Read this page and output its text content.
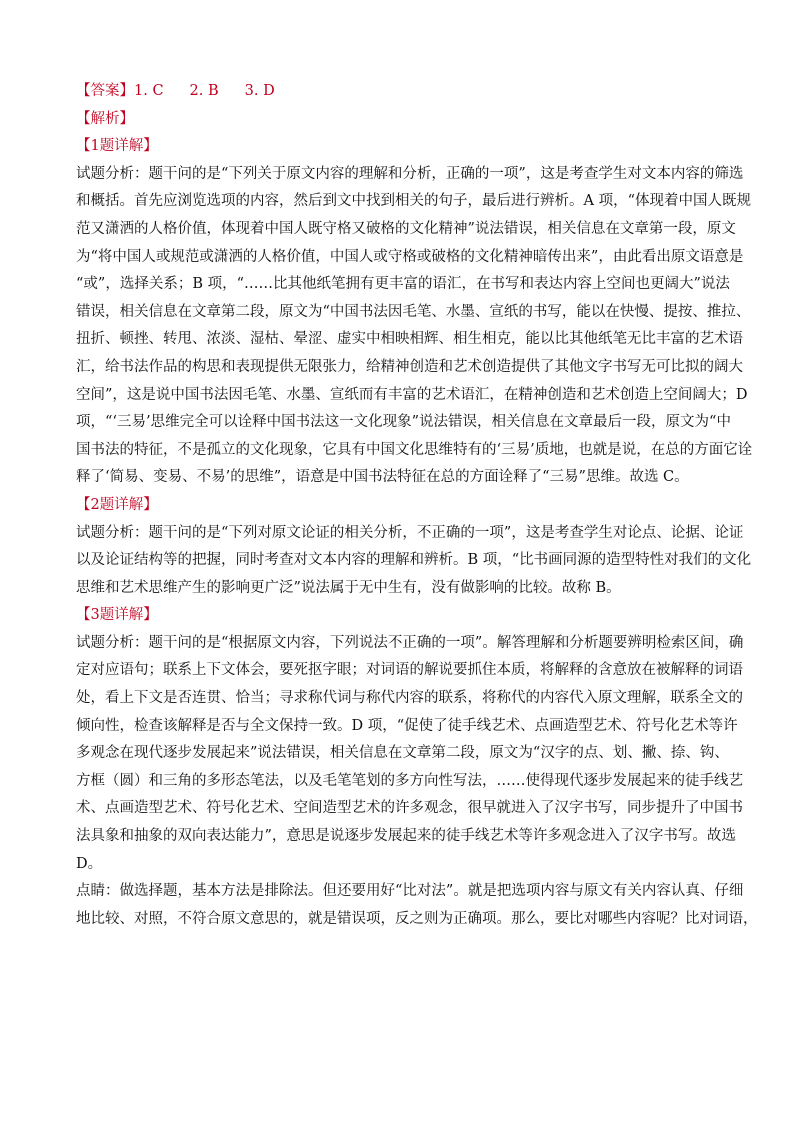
【答案】1. C 2. B 3. D
【解析】
【1题详解】
试题分析：题干问的是“下列关于原文内容的理解和分析，正确的一项”，这是考查学生对文本内容的筛选
和概括。首先应浏览选项的内容，然后到文中找到相关的句子，最后进行辨析。A 项，“体现着中国人既规
范又潇洒的人格价值，体现着中国人既守格又破格的文化精神”说法错误，相关信息在文章第一段，原文
为“将中国人或规范或潇洒的人格价值，中国人或守格或破格的文化精神暗传出来”，由此看出原文语意是
“或”，选择关系；B 项，“……比其他纸笔拥有更丰富的语汇，在书写和表达内容上空间也更阔大”说法
错误，相关信息在文章第二段，原文为“中国书法因毛笔、水墨、宣纸的书写，能以在快慢、提按、推拉、
扭折、顿挫、转甩、浓淡、湿枯、晕涩、虚实中相映相辉、相生相克，能以比其他纸笔无比丰富的艺术语
汇，给书法作品的构思和表现提供无限张力，给精神创造和艺术创造提供了其他文字书写无可比拟的阔大
空间”，这是说中国书法因毛笔、水墨、宣纸而有丰富的艺术语汇，在精神创造和艺术创造上空间阔大；D
项，“‘三易’思维完全可以诠释中国书法这一文化现象”说法错误，相关信息在文章最后一段，原文为“中
国书法的特征，不是孤立的文化现象，它具有中国文化思维特有的‘三易’质地，也就是说，在总的方面它诠
释了‘简易、变易、不易’的思维”，语意是中国书法特征在总的方面诠释了“三易”思维。故选 C。
【2题详解】
试题分析：题干问的是“下列对原文论证的相关分析，不正确的一项”，这是考查学生对论点、论据、论证
以及论证结构等的把握，同时考查对文本内容的理解和辨析。B 项，“比书画同源的造型特性对我们的文化
思维和艺术思维产生的影响更广泛”说法属于无中生有，没有做影响的比较。故称 B。
【3题详解】
试题分析：题干问的是“根据原文内容，下列说法不正确的一项”。解答理解和分析题要辨明检索区间，确
定对应语句；联系上下文体会，要死抠字眼；对词语的解说要抓住本质，将解释的含意放在被解释的词语
处，看上下文是否连贯、恰当；寻求称代词与称代内容的联系，将称代的内容代入原文理解，联系全文的
倾向性，检查该解释是否与全文保持一致。D 项，“促使了徒手线艺术、点画造型艺术、符号化艺术等许
多观念在现代逐步发展起来”说法错误，相关信息在文章第二段，原文为“汉字的点、划、撇、捺、钩、
方框（圆）和三角的多形态笔法，以及毛笔笔划的多方向性写法，……使得现代逐步发展起来的徒手线艺
术、点画造型艺术、符号化艺术、空间造型艺术的许多观念，很早就进入了汉字书写，同步提升了中国书
法具象和抽象的双向表达能力”，意思是说逐步发展起来的徒手线艺术等许多观念进入了汉字书写。故选
D。
点睛：做选择题，基本方法是排除法。但还要用好“比对法”。就是把选项内容与原文有关内容认真、仔细
地比较、对照，不符合原文意思的，就是错误项，反之则为正确项。那么，要比对哪些内容呢？比对词语，
